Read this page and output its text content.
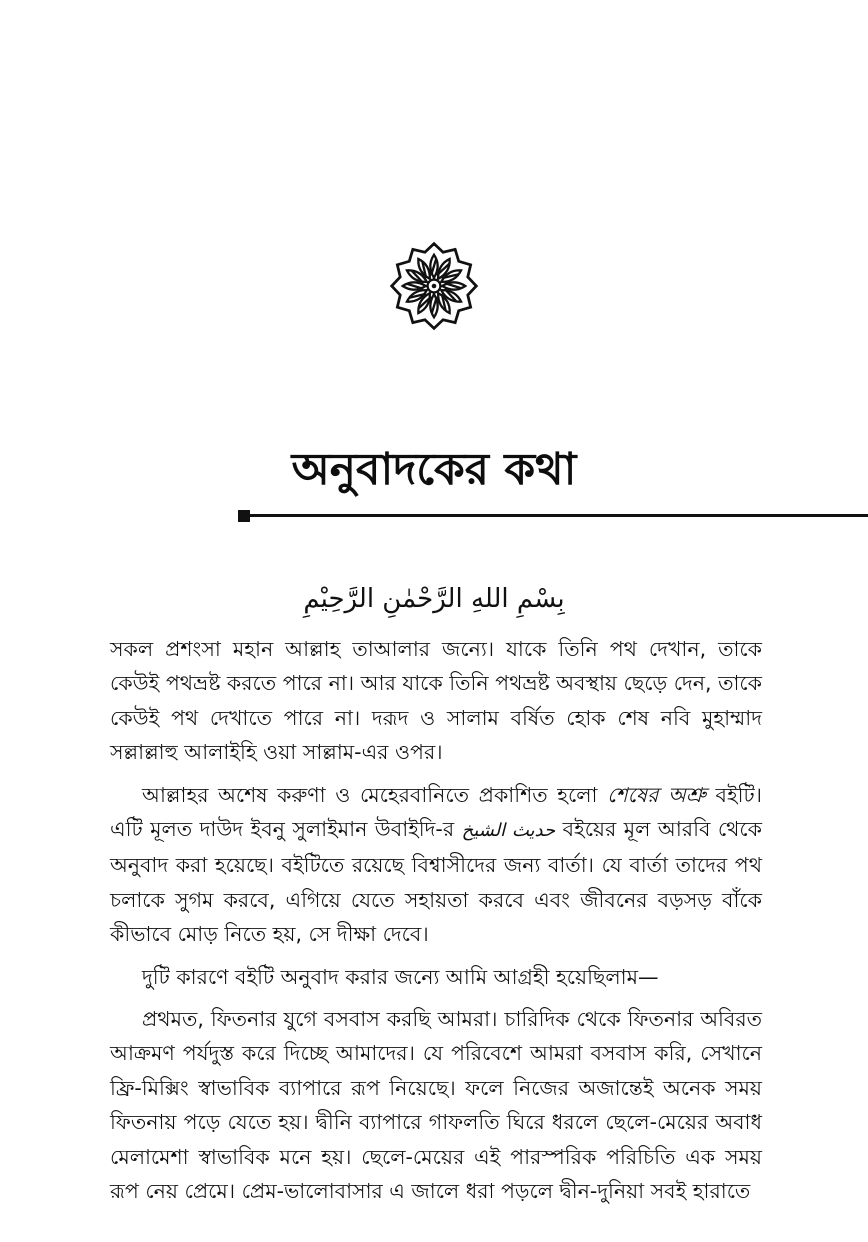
অনুবাদকের কথা
بِسْمِ اللهِ الرَّحْمٰنِ الرَّحِيْمِ

সকল প্রশংসা মহান আল্লাহ তাআলার জন্যে। যাকে তিনি পথ দেখান, তাকে কেউই পথভ্রষ্ট করতে পারে না। আর যাকে তিনি পথভ্রষ্ট অবস্থায় ছেড়ে দেন, তাকে কেউই পথ দেখাতে পারে না। দরূদ ও সালাম বর্ষিত হোক শেষ নবি মুহাম্মাদ সল্লাল্লাহু আলাইহি ওয়া সাল্লাম-এর ওপর।

আল্লাহর অশেষ করুণা ও মেহেরবানিতে প্রকাশিত হলো শেষের অশ্রু বইটি। এটি মূলত দাউদ ইবনু সুলাইমান উবাইদি-র حديث الشيخ বইয়ের মূল আরবি থেকে অনুবাদ করা হয়েছে। বইটিতে রয়েছে বিশ্বাসীদের জন্য বার্তা। যে বার্তা তাদের পথ চলাকে সুগম করবে, এগিয়ে যেতে সহায়তা করবে এবং জীবনের বড়সড় বাঁকে কীভাবে মোড় নিতে হয়, সে দীক্ষা দেবে।

দুটি কারণে বইটি অনুবাদ করার জন্যে আমি আগ্রহী হয়েছিলাম—

প্রথমত, ফিতনার যুগে বসবাস করছি আমরা। চারিদিক থেকে ফিতনার অবিরত আক্রমণ পর্যদুস্ত করে দিচ্ছে আমাদের। যে পরিবেশে আমরা বসবাস করি, সেখানে ফ্রি-মিক্সিং স্বাভাবিক ব্যাপারে রূপ নিয়েছে। ফলে নিজের অজান্তেই অনেক সময় ফিতনায় পড়ে যেতে হয়। দ্বীনি ব্যাপারে গাফলতি ঘিরে ধরলে ছেলে-মেয়ের অবাধ মেলামেশা স্বাভাবিক মনে হয়। ছেলে-মেয়ের এই পারস্পরিক পরিচিতি এক সময় রূপ নেয় প্রেমে। প্রেম-ভালোবাসার এ জালে ধরা পড়লে দ্বীন-দুনিয়া সবই হারাতে
